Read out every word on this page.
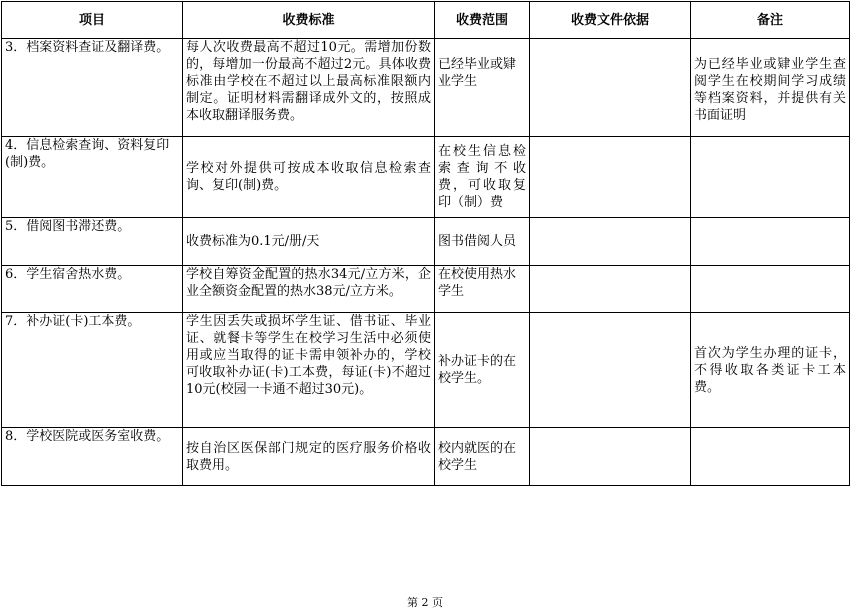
项目	收费标准	收费范围	收费文件依据	备注

3．档案资料查证及翻译费。	每人次收费最高不超过10元。需增加份数的，每增加一份最高不超过2元。具体收费标准由学校在不超过以上最高标准限额内制定。证明材料需翻译成外文的，按照成本收取翻译服务费。	已经毕业或肄业学生		为已经毕业或肄业学生查阅学生在校期间学习成绩等档案资料，并提供有关书面证明

4．信息检索查询、资料复印(制)费。	学校对外提供可按成本收取信息检索查询、复印(制)费。	在校生信息检索查询不收费，可收取复印（制）费		

5．借阅图书滞还费。	收费标准为0.1元/册/天	图书借阅人员		

6．学生宿舍热水费。	学校自筹资金配置的热水34元/立方米，企业全额资金配置的热水38元/立方米。	在校使用热水学生		

7．补办证(卡)工本费。	学生因丢失或损坏学生证、借书证、毕业证、就餐卡等学生在校学习生活中必须使用或应当取得的证卡需申领补办的，学校可收取补办证(卡)工本费，每证(卡)不超过10元(校园一卡通不超过30元)。	补办证卡的在校学生。		首次为学生办理的证卡，不得收取各类证卡工本费。

8．学校医院或医务室收费。	按自治区医保部门规定的医疗服务价格收取费用。	校内就医的在校学生		

第 2 页
